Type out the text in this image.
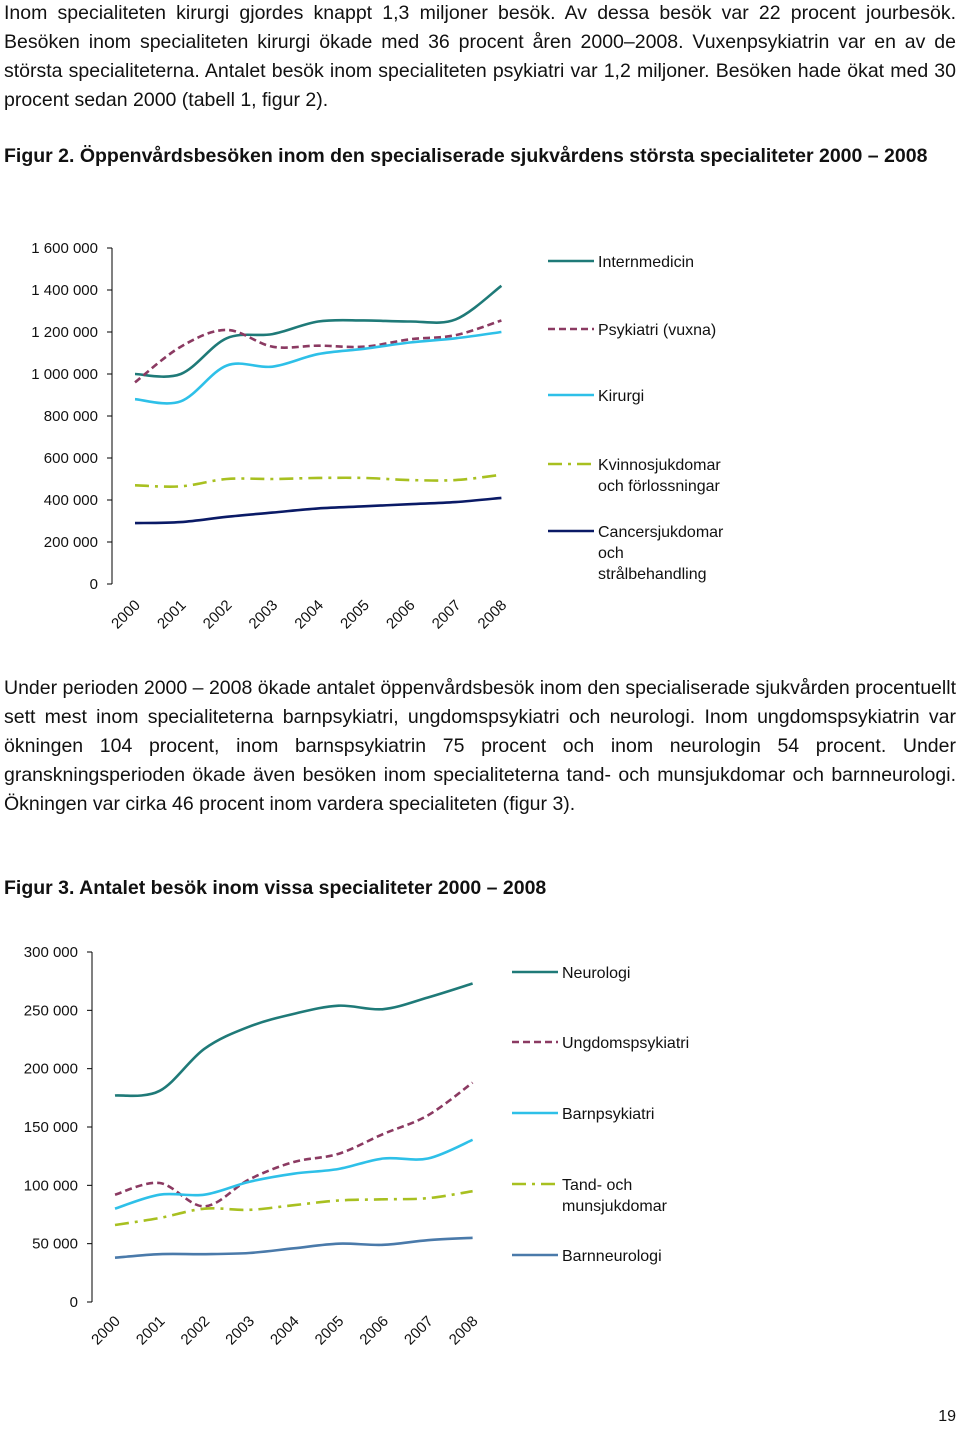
Inom specialiteten kirurgi gjordes knappt 1,3 miljoner besök. Av dessa besök var 22 procent jourbesök. Besöken inom specialiteten kirurgi ökade med 36 procent åren 2000–2008. Vuxenpsykiatrin var en av de största specialiteterna. Antalet besök inom specialiteten psykiatri var 1,2 miljoner. Besöken hade ökat med 30 procent sedan 2000 (tabell 1, figur 2).

Figur 2. Öppenvårdsbesöken inom den specialiserade sjukvårdens största specialiteter 2000 – 2008

0
200 000
400 000
600 000
800 000
1 000 000
1 200 000
1 400 000
1 600 000
2000 2001 2002 2003 2004 2005 2006 2007 2008
Internmedicin
Psykiatri (vuxna)
Kirurgi
Kvinnosjukdomar
och förlossningar
Cancersjukdomar
och
strålbehandling

Under perioden 2000 – 2008 ökade antalet öppenvårdsbesök inom den specialiserade sjukvården procentuellt sett mest inom specialiteterna barnpsykiatri, ungdomspsykiatri och neurologi. Inom ungdomspsykiatrin var ökningen 104 procent, inom barnspsykiatrin 75 procent och inom neurologin 54 procent. Under granskningsperioden ökade även besöken inom specialiteterna tand- och munsjukdomar och barnneurologi. Ökningen var cirka 46 procent inom vardera specialiteten (figur 3).

Figur 3. Antalet besök inom vissa specialiteter 2000 – 2008

0
50 000
100 000
150 000
200 000
250 000
300 000
2000 2001 2002 2003 2004 2005 2006 2007 2008
Neurologi
Ungdomspsykiatri
Barnpsykiatri
Tand- och
munsjukdomar
Barnneurologi
19
